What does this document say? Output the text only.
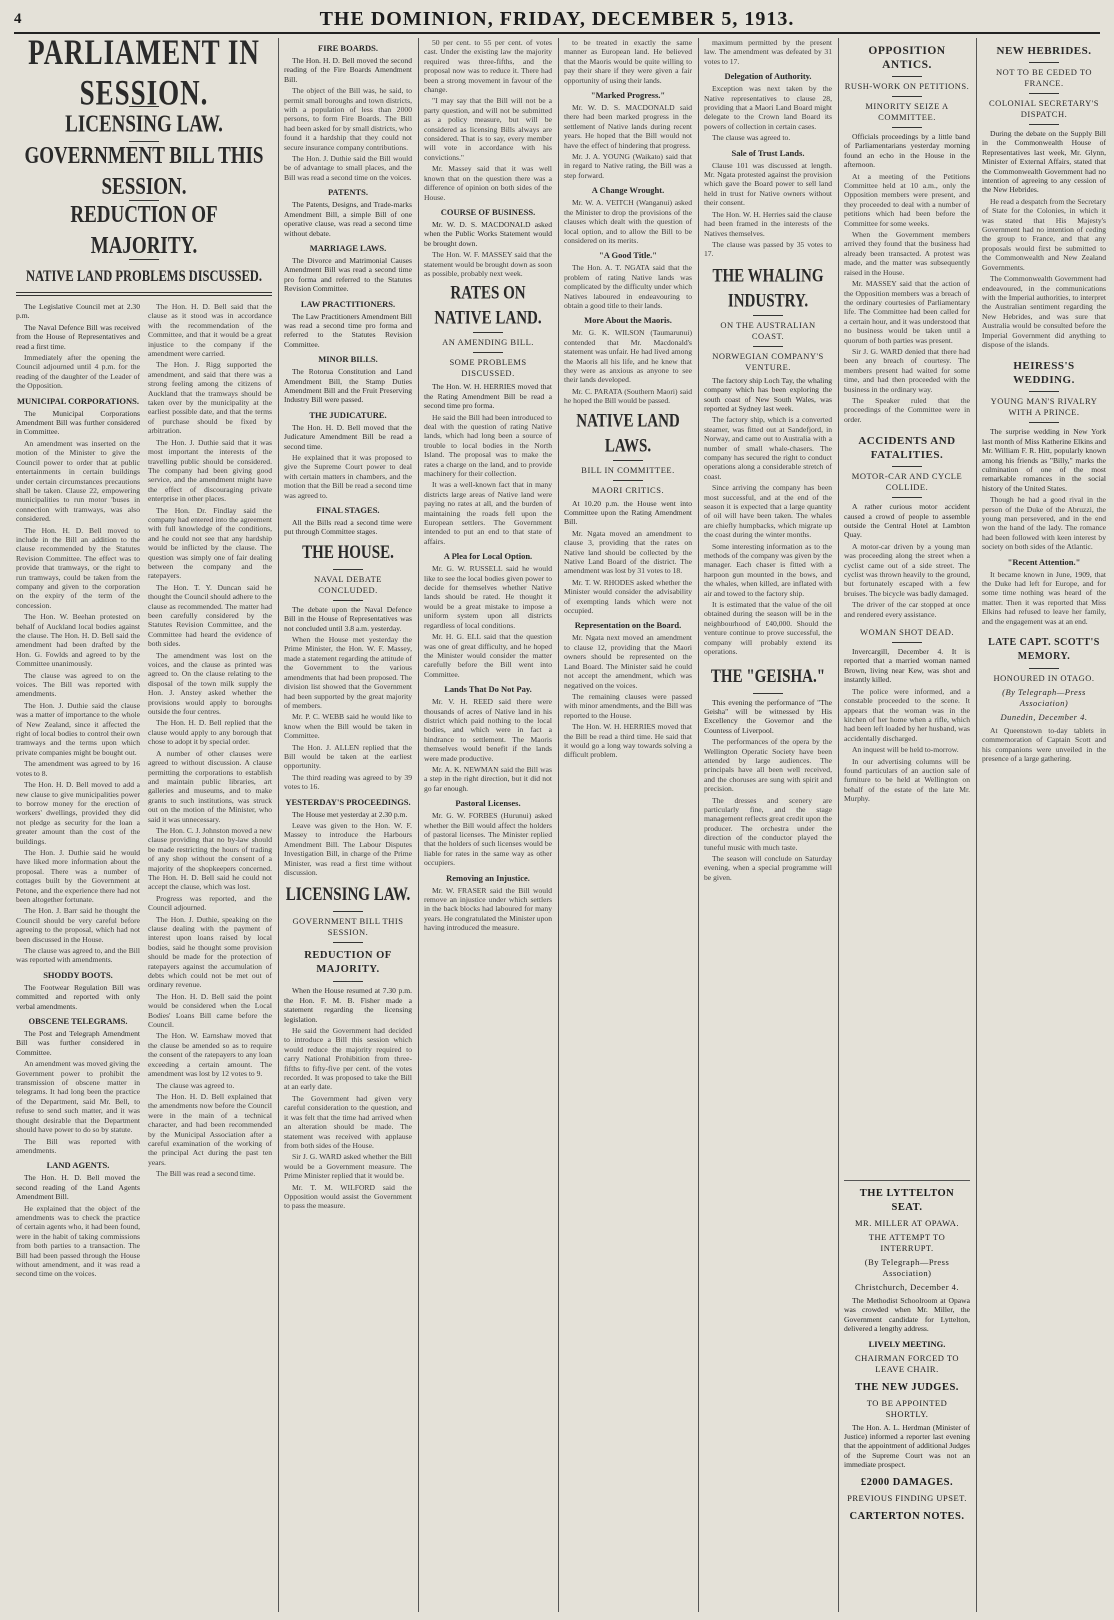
4	THE DOMINION, FRIDAY, DECEMBER 5, 1913.
PARLIAMENT IN SESSION.
LICENSING LAW.
GOVERNMENT BILL THIS SESSION.
REDUCTION OF MAJORITY.
NATIVE LAND PROBLEMS DISCUSSED.

The Legislative Council met at 2.30 p.m.

The Naval Defence Bill was received from the House of Representatives and read a first time.

Immediately after the opening the Council adjourned until 4 p.m. for the reading of the daughter of the Leader of the Opposition.

MUNICIPAL CORPORATIONS.

The Municipal Corporations Amendment Bill was further considered in Committee.

An amendment was inserted on the motion of the Minister to give the Council power to order that at public entertainments in certain buildings under certain circumstances precautions shall be taken. Clause 22, empowering municipalities to run motor 'buses in connection with tramways, was also considered.

The Hon. H. D. Bell moved to include in the Bill an addition to the clause recommended by the Statutes Revision Committee. The effect was to provide that tramways, or the right to run tramways, could be taken from the company and given to the corporation on the expiry of the term of the concession.

The Hon. W. Beehan protested on behalf of Auckland local bodies against the clause. The Hon. H. D. Bell said the amendment had been drafted by the Hon. G. Fowlds and agreed to by the Committee unanimously.

The clause was agreed to on the voices. The Bill was reported with amendments.

The Hon. J. Duthie said the clause was a matter of importance to the whole of New Zealand, since it affected the right of local bodies to control their own tramways and the terms upon which private companies might be bought out.

The amendment was agreed to by 16 votes to 8.

The Hon. H. D. Bell moved to add a new clause to give municipalities power to borrow money for the erection of workers' dwellings, provided they did not pledge as security for the loan a greater amount than the cost of the buildings.

The Hon. J. Duthie said he would have liked more information about the proposal. There was a number of cottages built by the Government at Petone, and the experience there had not been altogether fortunate.

The Hon. J. Barr said he thought the Council should be very careful before agreeing to the proposal, which had not been discussed in the House.

The clause was agreed to, and the Bill was reported with amendments.

SHODDY BOOTS.

The Footwear Regulation Bill was committed and reported with only verbal amendments.

OBSCENE TELEGRAMS.

The Post and Telegraph Amendment Bill was further considered in Committee.

An amendment was moved giving the Government power to prohibit the transmission of obscene matter in telegrams. It had long been the practice of the Department, said Mr. Bell, to refuse to send such matter, and it was thought desirable that the Department should have power to do so by statute.

The Bill was reported with amendments.

LAND AGENTS.

The Hon. H. D. Bell moved the second reading of the Land Agents Amendment Bill.

He explained that the object of the amendments was to check the practice of certain agents who, it had been found, were in the habit of taking commissions from both parties to a transaction. The Bill had been passed through the House without amendment, and it was read a second time on the voices.

The Hon. H. D. Bell said that the clause as it stood was in accordance with the recommendation of the Committee, and that it would be a great injustice to the company if the amendment were carried.

The Hon. J. Rigg supported the amendment, and said that there was a strong feeling among the citizens of Auckland that the tramways should be taken over by the municipality at the earliest possible date, and that the terms of purchase should be fixed by arbitration.

The Hon. J. Duthie said that it was most important the interests of the travelling public should be considered. The company had been giving good service, and the amendment might have the effect of discouraging private enterprise in other places.

The Hon. Dr. Findlay said the company had entered into the agreement with full knowledge of the conditions, and he could not see that any hardship would be inflicted by the clause. The question was simply one of fair dealing between the company and the ratepayers.

The Hon. T. Y. Duncan said he thought the Council should adhere to the clause as recommended. The matter had been carefully considered by the Statutes Revision Committee, and the Committee had heard the evidence of both sides.

The amendment was lost on the voices, and the clause as printed was agreed to. On the clause relating to the disposal of the town milk supply the Hon. J. Anstey asked whether the provisions would apply to boroughs outside the four centres.

The Hon. H. D. Bell replied that the clause would apply to any borough that chose to adopt it by special order.

A number of other clauses were agreed to without discussion. A clause permitting the corporations to establish and maintain public libraries, art galleries and museums, and to make grants to such institutions, was struck out on the motion of the Minister, who said it was unnecessary.

The Hon. C. J. Johnston moved a new clause providing that no by-law should be made restricting the hours of trading of any shop without the consent of a majority of the shopkeepers concerned. The Hon. H. D. Bell said he could not accept the clause, which was lost.

Progress was reported, and the Council adjourned.

The Hon. J. Duthie, speaking on the clause dealing with the payment of interest upon loans raised by local bodies, said he thought some provision should be made for the protection of ratepayers against the accumulation of debts which could not be met out of ordinary revenue.

The Hon. H. D. Bell said the point would be considered when the Local Bodies' Loans Bill came before the Council.

The Hon. W. Earnshaw moved that the clause be amended so as to require the consent of the ratepayers to any loan exceeding a certain amount. The amendment was lost by 12 votes to 9.

The clause was agreed to.

The Hon. H. D. Bell explained that the amendments now before the Council were in the main of a technical character, and had been recommended by the Municipal Association after a careful examination of the working of the principal Act during the past ten years.

The Bill was read a second time.

FIRE BOARDS.

The Hon. H. D. Bell moved the second reading of the Fire Boards Amendment Bill.

The object of the Bill was, he said, to permit small boroughs and town districts, with a population of less than 2000 persons, to form Fire Boards. The Bill had been asked for by small districts, who found it a hardship that they could not secure insurance company contributions.

The Hon. J. Duthie said the Bill would be of advantage to small places, and the Bill was read a second time on the voices.

PATENTS.

The Patents, Designs, and Trade-marks Amendment Bill, a simple Bill of one operative clause, was read a second time without debate.

MARRIAGE LAWS.

The Divorce and Matrimonial Causes Amendment Bill was read a second time pro forma and referred to the Statutes Revision Committee.

LAW PRACTITIONERS.

The Law Practitioners Amendment Bill was read a second time pro forma and referred to the Statutes Revision Committee.

MINOR BILLS.

The Rotorua Constitution and Land Amendment Bill, the Stamp Duties Amendment Bill and the Fruit Preserving Industry Bill were passed.

THE JUDICATURE.

The Hon. H. D. Bell moved that the Judicature Amendment Bill be read a second time.

He explained that it was proposed to give the Supreme Court power to deal with certain matters in chambers, and the motion that the Bill be read a second time was agreed to.

FINAL STAGES.

All the Bills read a second time were put through Committee stages.

THE HOUSE.
NAVAL DEBATE CONCLUDED.

The debate upon the Naval Defence Bill in the House of Representatives was not concluded until 3.8 a.m. yesterday.

When the House met yesterday the Prime Minister, the Hon. W. F. Massey, made a statement regarding the attitude of the Government to the various amendments that had been proposed. The division list showed that the Government had been supported by the great majority of members.

Mr. P. C. WEBB said he would like to know when the Bill would be taken in Committee.

The Hon. J. ALLEN replied that the Bill would be taken at the earliest opportunity.

The third reading was agreed to by 39 votes to 16.

YESTERDAY'S PROCEEDINGS.

The House met yesterday at 2.30 p.m.

Leave was given to the Hon. W. F. Massey to introduce the Harbours Amendment Bill. The Labour Disputes Investigation Bill, in charge of the Prime Minister, was read a first time without discussion.

LICENSING LAW.
GOVERNMENT BILL THIS SESSION.
REDUCTION OF MAJORITY.

When the House resumed at 7.30 p.m. the Hon. F. M. B. Fisher made a statement regarding the licensing legislation.

He said the Government had decided to introduce a Bill this session which would reduce the majority required to carry National Prohibition from three-fifths to fifty-five per cent. of the votes recorded. It was proposed to take the Bill at an early date.

The Government had given very careful consideration to the question, and it was felt that the time had arrived when an alteration should be made. The statement was received with applause from both sides of the House.

Sir J. G. WARD asked whether the Bill would be a Government measure. The Prime Minister replied that it would be.

Mr. T. M. WILFORD said the Opposition would assist the Government to pass the measure.

50 per cent. to 55 per cent. of votes cast. Under the existing law the majority required was three-fifths, and the proposal now was to reduce it. There had been a strong movement in favour of the change.

"I may say that the Bill will not be a party question, and will not be submitted as a policy measure, but will be considered as licensing Bills always are considered. That is to say, every member will vote in accordance with his convictions."

Mr. Massey said that it was well known that on the question there was a difference of opinion on both sides of the House.

COURSE OF BUSINESS.

Mr. W. D. S. MACDONALD asked when the Public Works Statement would be brought down.

The Hon. W. F. MASSEY said that the statement would be brought down as soon as possible, probably next week.

RATES ON NATIVE LAND.
AN AMENDING BILL.
SOME PROBLEMS DISCUSSED.

The Hon. W. H. HERRIES moved that the Rating Amendment Bill be read a second time pro forma.

He said the Bill had been introduced to deal with the question of rating Native lands, which had long been a source of trouble to local bodies in the North Island. The proposal was to make the rates a charge on the land, and to provide machinery for their collection.

It was a well-known fact that in many districts large areas of Native land were paying no rates at all, and the burden of maintaining the roads fell upon the European settlers. The Government intended to put an end to that state of affairs.

A Plea for Local Option.

Mr. G. W. RUSSELL said he would like to see the local bodies given power to decide for themselves whether Native lands should be rated. He thought it would be a great mistake to impose a uniform system upon all districts regardless of local conditions.

Mr. H. G. ELL said that the question was one of great difficulty, and he hoped the Minister would consider the matter carefully before the Bill went into Committee.

Lands That Do Not Pay.

Mr. V. H. REED said there were thousands of acres of Native land in his district which paid nothing to the local bodies, and which were in fact a hindrance to settlement. The Maoris themselves would benefit if the lands were made productive.

Mr. A. K. NEWMAN said the Bill was a step in the right direction, but it did not go far enough.

Pastoral Licenses.

Mr. G. W. FORBES (Hurunui) asked whether the Bill would affect the holders of pastoral licenses. The Minister replied that the holders of such licenses would be liable for rates in the same way as other occupiers.

Removing an Injustice.

Mr. W. FRASER said the Bill would remove an injustice under which settlers in the back blocks had laboured for many years. He congratulated the Minister upon having introduced the measure.

to be treated in exactly the same manner as European land. He believed that the Maoris would be quite willing to pay their share if they were given a fair opportunity of using their lands.

"Marked Progress."

Mr. W. D. S. MACDONALD said there had been marked progress in the settlement of Native lands during recent years. He hoped that the Bill would not have the effect of hindering that progress.

Mr. J. A. YOUNG (Waikato) said that in regard to Native rating, the Bill was a step forward.

A Change Wrought.

Mr. W. A. VEITCH (Wanganui) asked the Minister to drop the provisions of the clauses which dealt with the question of local option, and to allow the Bill to be considered on its merits.

"A Good Title."

The Hon. A. T. NGATA said that the problem of rating Native lands was complicated by the difficulty under which Natives laboured in endeavouring to obtain a good title to their lands.

More About the Maoris.

Mr. G. K. WILSON (Taumarunui) contended that Mr. Macdonald's statement was unfair. He had lived among the Maoris all his life, and he knew that they were as anxious as anyone to see their lands developed.

Mr. C. PARATA (Southern Maori) said he hoped the Bill would be passed.

NATIVE LAND LAWS.
BILL IN COMMITTEE.
MAORI CRITICS.

At 10.20 p.m. the House went into Committee upon the Rating Amendment Bill.

Mr. Ngata moved an amendment to clause 3, providing that the rates on Native land should be collected by the Native Land Board of the district. The amendment was lost by 31 votes to 18.

Mr. T. W. RHODES asked whether the Minister would consider the advisability of exempting lands which were not occupied.

Representation on the Board.

Mr. Ngata next moved an amendment to clause 12, providing that the Maori owners should be represented on the Land Board. The Minister said he could not accept the amendment, which was negatived on the voices.

The remaining clauses were passed with minor amendments, and the Bill was reported to the House.

The Hon. W. H. HERRIES moved that the Bill be read a third time. He said that it would go a long way towards solving a difficult problem.

maximum permitted by the present law. The amendment was defeated by 31 votes to 17.

Delegation of Authority.

Exception was next taken by the Native representatives to clause 28, providing that a Maori Land Board might delegate to the Crown land Board its powers of collection in certain cases.

The clause was agreed to.

Sale of Trust Lands.

Clause 101 was discussed at length. Mr. Ngata protested against the provision which gave the Board power to sell land held in trust for Native owners without their consent.

The Hon. W. H. Herries said the clause had been framed in the interests of the Natives themselves.

The clause was passed by 35 votes to 17.

THE WHALING INDUSTRY.
ON THE AUSTRALIAN COAST.
NORWEGIAN COMPANY'S VENTURE.

The factory ship Loch Tay, the whaling company which has been exploring the south coast of New South Wales, was reported at Sydney last week.

The factory ship, which is a converted steamer, was fitted out at Sandefjord, in Norway, and came out to Australia with a number of small whale-chasers. The company has secured the right to conduct operations along a considerable stretch of coast.

Since arriving the company has been most successful, and at the end of the season it is expected that a large quantity of oil will have been taken. The whales are chiefly humpbacks, which migrate up the coast during the winter months.

Some interesting information as to the methods of the company was given by the manager. Each chaser is fitted with a harpoon gun mounted in the bows, and the whales, when killed, are inflated with air and towed to the factory ship.

It is estimated that the value of the oil obtained during the season will be in the neighbourhood of £40,000. Should the venture continue to prove successful, the company will probably extend its operations.

THE "GEISHA."

This evening the performance of "The Geisha" will be witnessed by His Excellency the Governor and the Countess of Liverpool.

The performances of the opera by the Wellington Operatic Society have been attended by large audiences. The principals have all been well received, and the choruses are sung with spirit and precision.

The dresses and scenery are particularly fine, and the stage management reflects great credit upon the producer. The orchestra under the direction of the conductor played the tuneful music with much taste.

The season will conclude on Saturday evening, when a special programme will be given.

OPPOSITION ANTICS.
RUSH-WORK ON PETITIONS.
MINORITY SEIZE A COMMITTEE.

Officials proceedings by a little band of Parliamentarians yesterday morning found an echo in the House in the afternoon.

At a meeting of the Petitions Committee held at 10 a.m., only the Opposition members were present, and they proceeded to deal with a number of petitions which had been before the Committee for some weeks.

When the Government members arrived they found that the business had already been transacted. A protest was made, and the matter was subsequently raised in the House.

Mr. MASSEY said that the action of the Opposition members was a breach of the ordinary courtesies of Parliamentary life. The Committee had been called for a certain hour, and it was understood that no business would be taken until a quorum of both parties was present.

Sir J. G. WARD denied that there had been any breach of courtesy. The members present had waited for some time, and had then proceeded with the business in the ordinary way.

The Speaker ruled that the proceedings of the Committee were in order.

ACCIDENTS AND FATALITIES.
MOTOR-CAR AND CYCLE COLLIDE.

A rather curious motor accident caused a crowd of people to assemble outside the Central Hotel at Lambton Quay.

A motor-car driven by a young man was proceeding along the street when a cyclist came out of a side street. The cyclist was thrown heavily to the ground, but fortunately escaped with a few bruises. The bicycle was badly damaged.

The driver of the car stopped at once and rendered every assistance.

WOMAN SHOT DEAD.

Invercargill, December 4. It is reported that a married woman named Brown, living near Kew, was shot and instantly killed.

The police were informed, and a constable proceeded to the scene. It appears that the woman was in the kitchen of her home when a rifle, which had been left loaded by her husband, was accidentally discharged.

An inquest will be held to-morrow.

In our advertising columns will be found particulars of an auction sale of furniture to be held at Wellington on behalf of the estate of the late Mr. Murphy.

NEW HEBRIDES.
NOT TO BE CEDED TO FRANCE.
COLONIAL SECRETARY'S DISPATCH.

During the debate on the Supply Bill in the Commonwealth House of Representatives last week, Mr. Glynn, Minister of External Affairs, stated that the Commonwealth Government had no intention of agreeing to any cession of the New Hebrides.

He read a despatch from the Secretary of State for the Colonies, in which it was stated that His Majesty's Government had no intention of ceding the group to France, and that any proposals would first be submitted to the Commonwealth and New Zealand Governments.

The Commonwealth Government had endeavoured, in the communications with the Imperial authorities, to interpret the Australian sentiment regarding the New Hebrides, and was sure that Australia would be consulted before the Imperial Government did anything to dispose of the islands.

HEIRESS'S WEDDING.
YOUNG MAN'S RIVALRY WITH A PRINCE.

The surprise wedding in New York last month of Miss Katherine Elkins and Mr. William F. R. Hitt, popularly known among his friends as "Billy," marks the culmination of one of the most remarkable romances in the social history of the United States.

Though he had a good rival in the person of the Duke of the Abruzzi, the young man persevered, and in the end won the hand of the lady. The romance had been followed with keen interest by society on both sides of the Atlantic.

"Recent Attention."

It became known in June, 1909, that the Duke had left for Europe, and for some time nothing was heard of the matter. Then it was reported that Miss Elkins had refused to leave her family, and the engagement was at an end.

LATE CAPT. SCOTT'S MEMORY.
HONOURED IN OTAGO.
(By Telegraph—Press Association)
Dunedin, December 4.

At Queenstown to-day tablets in commemoration of Captain Scott and his companions were unveiled in the presence of a large gathering.

THE LYTTELTON SEAT.
MR. MILLER AT OPAWA.
THE ATTEMPT TO INTERRUPT.
(By Telegraph—Press Association)
Christchurch, December 4.

The Methodist Schoolroom at Opawa was crowded when Mr. Miller, the Government candidate for Lyttelton, delivered a lengthy address.

LIVELY MEETING.
CHAIRMAN FORCED TO LEAVE CHAIR.
THE NEW JUDGES.
TO BE APPOINTED SHORTLY.

The Hon. A. L. Herdman (Minister of Justice) informed a reporter last evening that the appointment of additional Judges of the Supreme Court was not an immediate prospect.

£2000 DAMAGES.
PREVIOUS FINDING UPSET.
CARTERTON NOTES.
